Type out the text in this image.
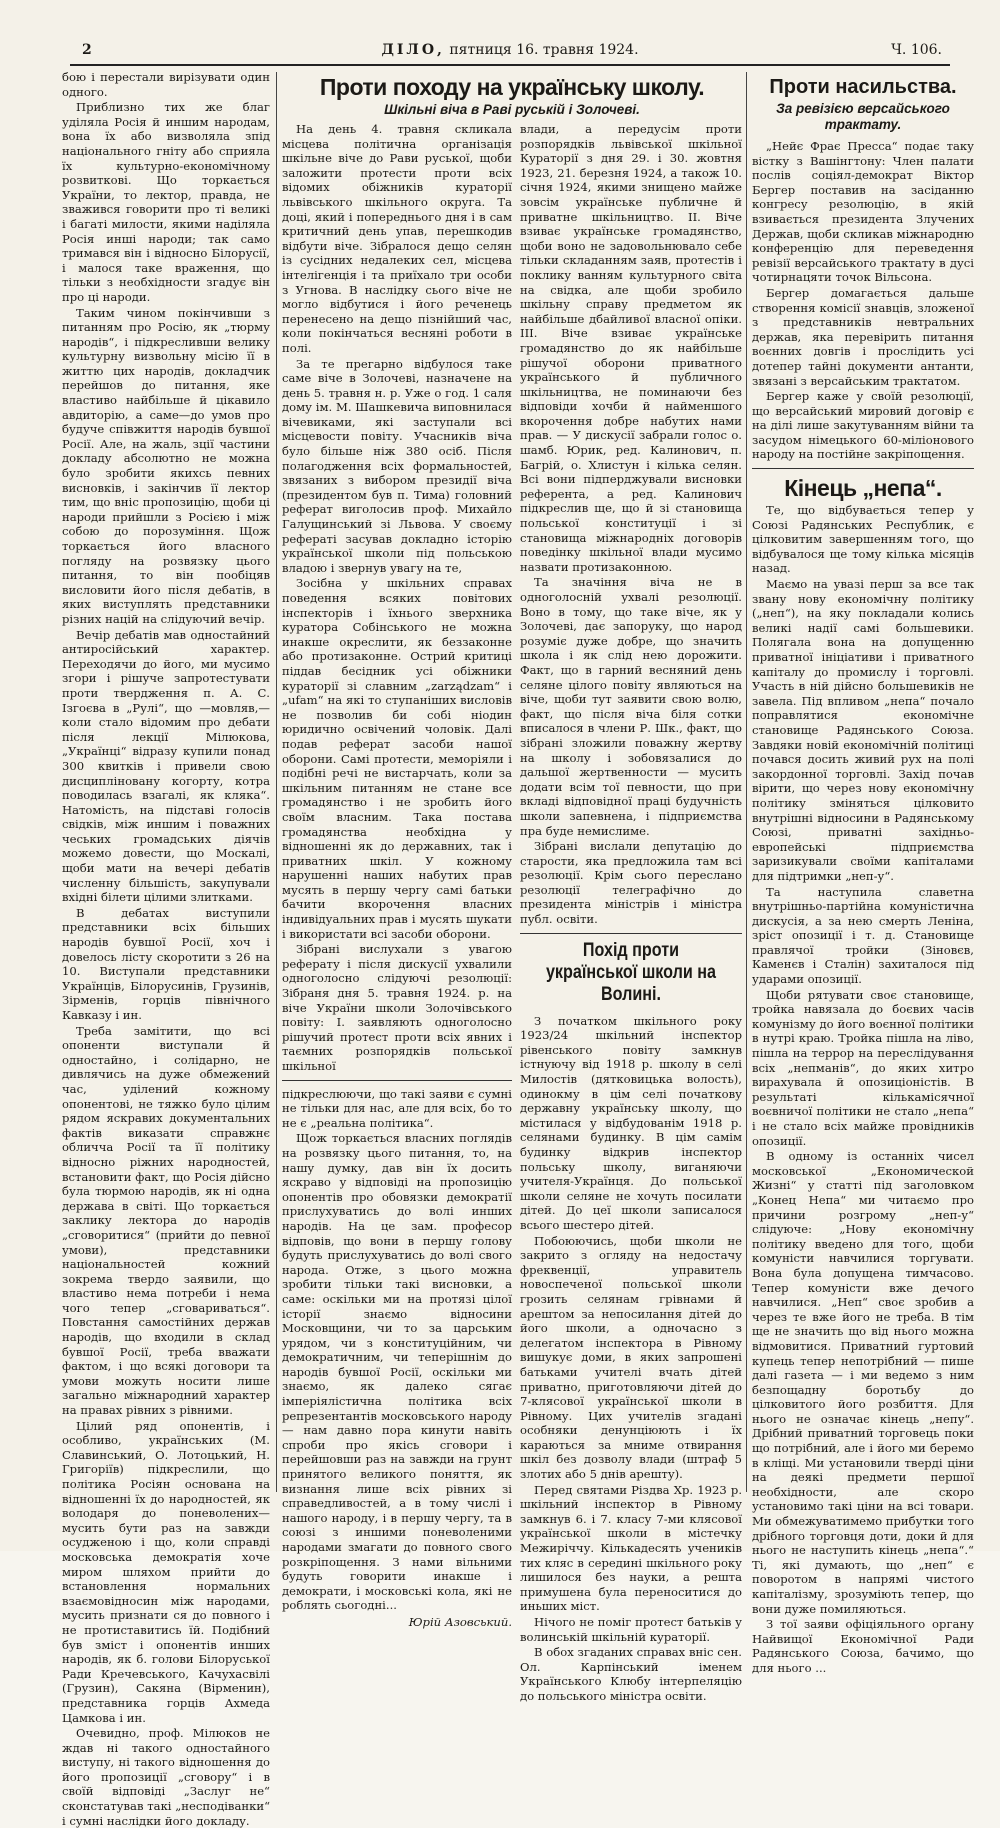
2	ДІЛО, пятниця 16. травня 1924.	Ч. 106.

бою і перестали вирізувати один одного.

Приблизно тих же благ уділяла Росія й иншим народам, вона їх або визволяла зпід національного гніту або сприяла їх культурно-економічному розвиткові. Що торкається України, то лектор, правда, не зважився говорити про ті великі і багаті милости, якими наділяла Росія инші народи; так само тримався він і відносно Білорусії, і малося таке враження, що тільки з необхідности згадує він про ці народи.

Таким чином покінчивши з питанням про Росію, як „тюрму народів“, і підкресливши велику культурну визвольну місію її в життю цих народів, докладчик перейшов до питання, яке властиво найбільше й цікавило авдиторію, а саме—до умов про будуче співжиття народів бувшої Росії. Але, на жаль, зції частини докладу абсолютно не можна було зробити якихсь певних висновків, і закінчив її лектор тим, що вніс пропозицію, щоби ці народи прийшли з Росією і між собою до порозуміння. Щож торкається його власного погляду на розвязку цього питання, то він пообіцяв висловити його після дебатів, в яких виступлять представники різних націй на слідуючий вечір.

Вечір дебатів мав одностайний антиросійський характер. Переходячи до його, ми мусимо згори і рішуче запротестувати проти твердження п. А. С. Ізгоєва в „Рулі“, що —мовляв,—коли стало відомим про дебати після лекції Мілюкова, „Українці“ відразу купили понад 300 квитків і привели свою дисципліновану когорту, котра поводилась взагалі, як кляка“. Натомість, на підставі голосів свідків, між иншим і поважних чеських громадських діячів можемо довести, що Москалі, щоби мати на вечері дебатів численну більшість, закупували вхідні білети цілими злитками.

В дебатах виступили представники всіх більших народів бувшої Росії, хоч і довелось лісту скоротити з 26 на 10. Виступали представники Українців, Білорусинів, Грузинів, Зірменів, горців північного Кавказу і ин.

Треба замітити, що всі опоненти виступали й одностайно, і солідарно, не дивлячись на дуже обмежений час, уділений кожному опонентові, не тяжко було цілим рядом яскравих документальних фактів виказати справжнє обличча Росії та її політику відносно ріжних народностей, встановити факт, що Росія дійсно була тюрмою народів, як ні одна держава в світі. Що торкається заклику лектора до народів „сговоритися“ (прийти до певної умови), представники національностей кожний зокрема твердо заявили, що властиво нема потреби і нема чого тепер „сговариваться“. Повстання самостійних держав народів, що входили в склад бувшої Росії, треба вважати фактом, і що всякі договори та умови можуть носити лише загально міжнародний характер на правах рівних з рівними.

Цілий ряд опонентів, і особливо, українських (М. Славинський, О. Лотоцький, Н. Григоріїв) підкреслили, що політика Росіян основана на відношенні їх до народностей, як володаря до поневолених—мусить бути раз на завжди осудженою і що, коли справді московська демократія хоче миром шляхом прийти до встановлення нормальних взаємовідносин між народами, мусить признати ся до повного і не протиставитись їй. Подібний був зміст і опонентів инших народів, як б. голови Білоруської Ради Кречевського, Качухасвілі (Грузин), Сакяна (Вірменин), представника горців Ахмеда Цамкова і ин.

Очевидно, проф. Мілюков не ждав ні такого одностайного виступу, ні такого відношення до його пропозиції „сговору“ і в своїй відповіді „Заслуг не“ сконстатував такі „несподіванки“ і сумні наслідки його докладу.

Проти походу на українську школу.
Шкільні віча в Раві руській і Золочеві.

На день 4. травня скликала місцева політична організація шкільне віче до Рави руської, щоби заложити протести проти всіх відомих обіжників кураторії львівського шкільного округа. Та доці, який і попереднього дня і в сам критичний день упав, перешкодив відбути віче. Зібралося дещо селян із сусідних недалеких сел, місцева інтелігенція і та приїхало три особи з Угнова. В наслідку сього віче не могло відбутися і його реченець перенесено на дещо пізнійший час, коли покінчаться весняні роботи в полі.

За те прегарно відбулося таке саме віче в Золочеві, назначене на день 5. травня н. р. Уже о год. 1 саля дому ім. М. Шашкевича виповнилася вічевиками, які заступали всі місцевости повіту. Учасників віча було більше ніж 380 осіб. Після полагодження всіх формальностей, звязаних з вибором президії віча (президентом був п. Тима) головний реферат виголосив проф. Михайло Галущинський зі Львова. У своєму рефераті засував докладно історію української школи під польською владою і звернув увагу на те,

Зосібна у шкільних справах поведення всяких повітових інспекторів і їхнього зверхника куратора Собінського не можна инакше окреслити, як беззаконне або протизаконне. Острий критиці піддав бесідник усі обіжники кураторії зі славним „zarządzam“ і „ufam“ на які то ступаніших висловів не позволив би собі ніодин юридично освічений чоловік. Далі подав реферат засоби нашої оборони. Самі протести, меморіяли і подібні речі не вистарчать, коли за шкільним питанням не стане все громадянство і не зробить його своїм власним. Така постава громадянства необхідна у відношенні як до державних, так і приватних шкіл. У кожному нарушенні наших набутих прав мусять в першу чергу самі батьки бачити вкорочення власних індивідуальних прав і мусять шукати і використати всі засоби оборони.

Зібрані вислухали з увагою реферату і після дискусії ухвалили одноголосно слідуючі резолюції: Зібраня дня 5. травня 1924. р. на віче України школи Золочівського повіту: І. заявляють одноголосно рішучий протест проти всіх явних і таємних розпорядків польської шкільної

підкреслюючи, що такі заяви є сумні не тільки для нас, але для всіх, бо то не є „реальна політика“.

Щож торкається власних поглядів на розвязку цього питання, то, на нашу думку, дав він їх досить яскраво у відповіді на пропозицію опонентів про обовязки демократії прислухуватись до волі инших народів. На це зам. професор відповів, що вони в першу голову будуть прислухуватись до волі свого народа. Отже, з цього можна зробити тільки такі висновки, а саме: оскільки ми на протязі цілої історії знаємо відносини Московщини, чи то за царським урядом, чи з конституційним, чи демократичним, чи теперішнім до народів бувшої Росії, оскільки ми знаємо, як далеко сягає імперіялістична політика всіх репрезентантів московського народу — нам давно пора кинути навіть спроби про якісь сговори і перейшовши раз на завжди на грунт принятого великого поняття, як визнання лише всіх рівних зі справедливостей, а в тому числі і нашого народу, і в першу чергу, та в союзі з иншими поневоленими народами змагати до повного свого розкріпощення. З нами вільними будуть говорити инакше і демократи, і московські кола, які не роблять сьогодні...

Юрій Азовський.

влади, а передусім проти розпорядків львівської шкільної Кураторії з дня 29. і 30. жовтня 1923, 21. березня 1924, а також 10. січня 1924, якими знищено майже зовсім українське публичне й приватне шкільництво. II. Віче взиває українське громадянство, щоби воно не задовольнювало себе тільки складанням заяв, протестів і поклику ванням культурного світа на свідка, але щоби зробило шкільну справу предметом як найбільше дбайливої власної опіки. III. Віче взиває українське громадянство до як найбільше рішучої оборони приватного українського й публичного шкільництва, не поминаючи без відповіди хочби й найменшого вкорочення добре набутих нами прав. — У дискусії забрали голос о. шамб. Юрик, ред. Калинович, п. Багрій, о. Хлистун і кілька селян. Всі вони підперджували висновки референта, а ред. Калинович підкреслив ще, що й зі становища польської конституції і зі становища міжнародніх договорів поведінку шкільної влади мусимо назвати протизаконною.

Та значіння віча не в одноголосній ухвалі резолюції. Воно в тому, що таке віче, як у Золочеві, дає запоруку, що народ розуміє дуже добре, що значить школа і як слід нею дорожити. Факт, що в гарний весняний день селяне цілого повіту являються на віче, щоби тут заявити свою волю, факт, що після віча біля сотки вписалося в члени Р. Шк., факт, що зібрані зложили поважну жертву на школу і зобовязалися до дальшої жертвенности — мусить додати всім тої певности, що при вкладі відповідної праці будучність школи запевнена, і підприємства пра буде немислиме.

Зібрані вислали депутацію до старости, яка предложила там всі резолюції. Крім сього переслано резолюції телеграфічно до президента міністрів і міністра публ. освіти.

Похід проти української школи на Волині.

З початком шкільного року 1923/24 шкільний інспектор рівенського повіту замкнув істнуючу від 1918 р. школу в селі Милостів (дятковицька волость), одинокму в цім селі початкову державну українську школу, що містилася у відбудованім 1918 р. селянами будинку. В цім самім будинку відкрив інспектор польську школу, виганяючи учителя-Українця. До польської школи селяне не хочуть посилати дітей. До цеї школи записалося всього шестеро дітей.

Побоюючись, щоби школи не закрито з огляду на недостачу фреквенції, управитель новоспеченої польської школи грозить селянам грівнами й арештом за непосилання дітей до його школи, а одночасно з делегатом інспектора в Рівному вишукує доми, в яких запрошені батьками учителі вчать дітей приватно, приготовляючи дітей до 7-клясової української школи в Рівному. Цих учителів згадані особняки денунціюють і їх караються за мниме отвирання шкіл без дозволу влади (штраф 5 злотих або 5 днів арешту).

Перед святами Різдва Хр. 1923 р. шкільний інспектор в Рівному замкнув 6. і 7. класу 7-ми клясової української школи в містечку Межиріччу. Кількадесять учеників тих кляс в середині шкільного року лишилося без науки, а решта примушена була переноситися до иньших міст.

Нічого не поміг протест батьків у волинській шкільній кураторії.

В обох згаданих справах вніс сен. Ол. Карпінський іменем Українського Клюбу інтерпеляцію до польського міністра освіти.

Проти насильства.
За ревізією версайського трактату.

„Нейє Фрає Пресса“ подає таку вістку з Вашінгтону: Член палати послів соціял-демократ Віктор Бергер поставив на засіданню конгресу резолюцію, в якій взивається президента Злучених Держав, щоби скликав міжнародню конференцію для переведення ревізії версайського трактату в дусі чотирнацяти точок Вільсона.

Бергер домагається дальше створення комісії знавців, зложеної з представників невтральних держав, яка перевірить питання воєнних довгів і прослідить усі дотепер тайні документи антанти, звязані з версайським трактатом.

Бергер каже у своїй резолюції, що версайський мировий договір є на ділі лише закутуванням війни та засудом німецького 60-міліонового народу на постійне закріпощення.

Кінець „непа“.

Те, що відбувається тепер у Союзі Радянських Республик, є цілковитим завершенням того, що відбувалося ще тому кілька місяців назад.

Маємо на увазі перш за все так звану нову економічну політику („неп“), на яку покладали колись великі надії самі большевики. Полягала вона на допущенню приватної ініціативи і приватного капіталу до промислу і торговлі. Участь в ній дійсно большевиків не завела. Під впливом „непа“ почало поправлятися економічне становище Радянського Союза. Завдяки новій економічній політиці почався досить живий рух на полі закордонної торговлі. Захід почав вірити, що через нову економічну політику зміняться цілковито внутрішні відносини в Радянському Союзі, приватні західньо-европейські підприємства заризикували своїми капіталами для підтримки „неп-у“.

Та наступила славетна внутрішньо-партійна комуністична дискусія, а за нею смерть Леніна, зріст опозиції і т. д. Становище правлячої тройки (Зіновєв, Каменєв і Сталін) захиталося під ударами опозиції.

Щоби рятувати своє становище, тройка навязала до боєвих часів комунізму до його воєнної політики в нутрі краю. Тройка пішла на ліво, пішла на террор на переслідування всіх „непманів“, до яких хитро вирахувала й опозиціоністів. В результаті кількамісячної воєвничої політики не стало „непа“ і не стало всіх майже провідників опозиції.

В одному із останніх чисел московської „Економической Жизні“ у статті під заголовком „Конец Непа“ ми читаємо про причини розгрому „неп-у“ слідуюче: „Нову економічну політику введено для того, щоби комуністи навчилися торгувати. Вона була допущена тимчасово. Тепер комуністи вже дечого навчилися. „Неп“ своє зробив а через те вже його не треба. В тім ще не значить що від нього можна відмовитися. Приватний гуртовий купець тепер непотрібний — пише далі газета — і ми ведемо з ним безпощадну боротьбу до цілковитого його розбиття. Для нього не означає кінець „непу“. Дрібний приватний торговець поки що потрібний, але і його ми беремо в кліщі. Ми установили тверді ціни на деякі предмети першої необхідности, але скоро установимо такі ціни на всі товари. Ми обмежуватимемо прибутки того дрібного торговця доти, доки й для нього не наступить кінець „непа“.“ Ті, які думають, що „неп“ є поворотом в напрямі чистого капіталізму, зрозуміють тепер, що вони дуже помиляються.

З тої заяви офіціяльного органу Найвищої Економічної Ради Радянського Союза, бачимо, що для нього ...
